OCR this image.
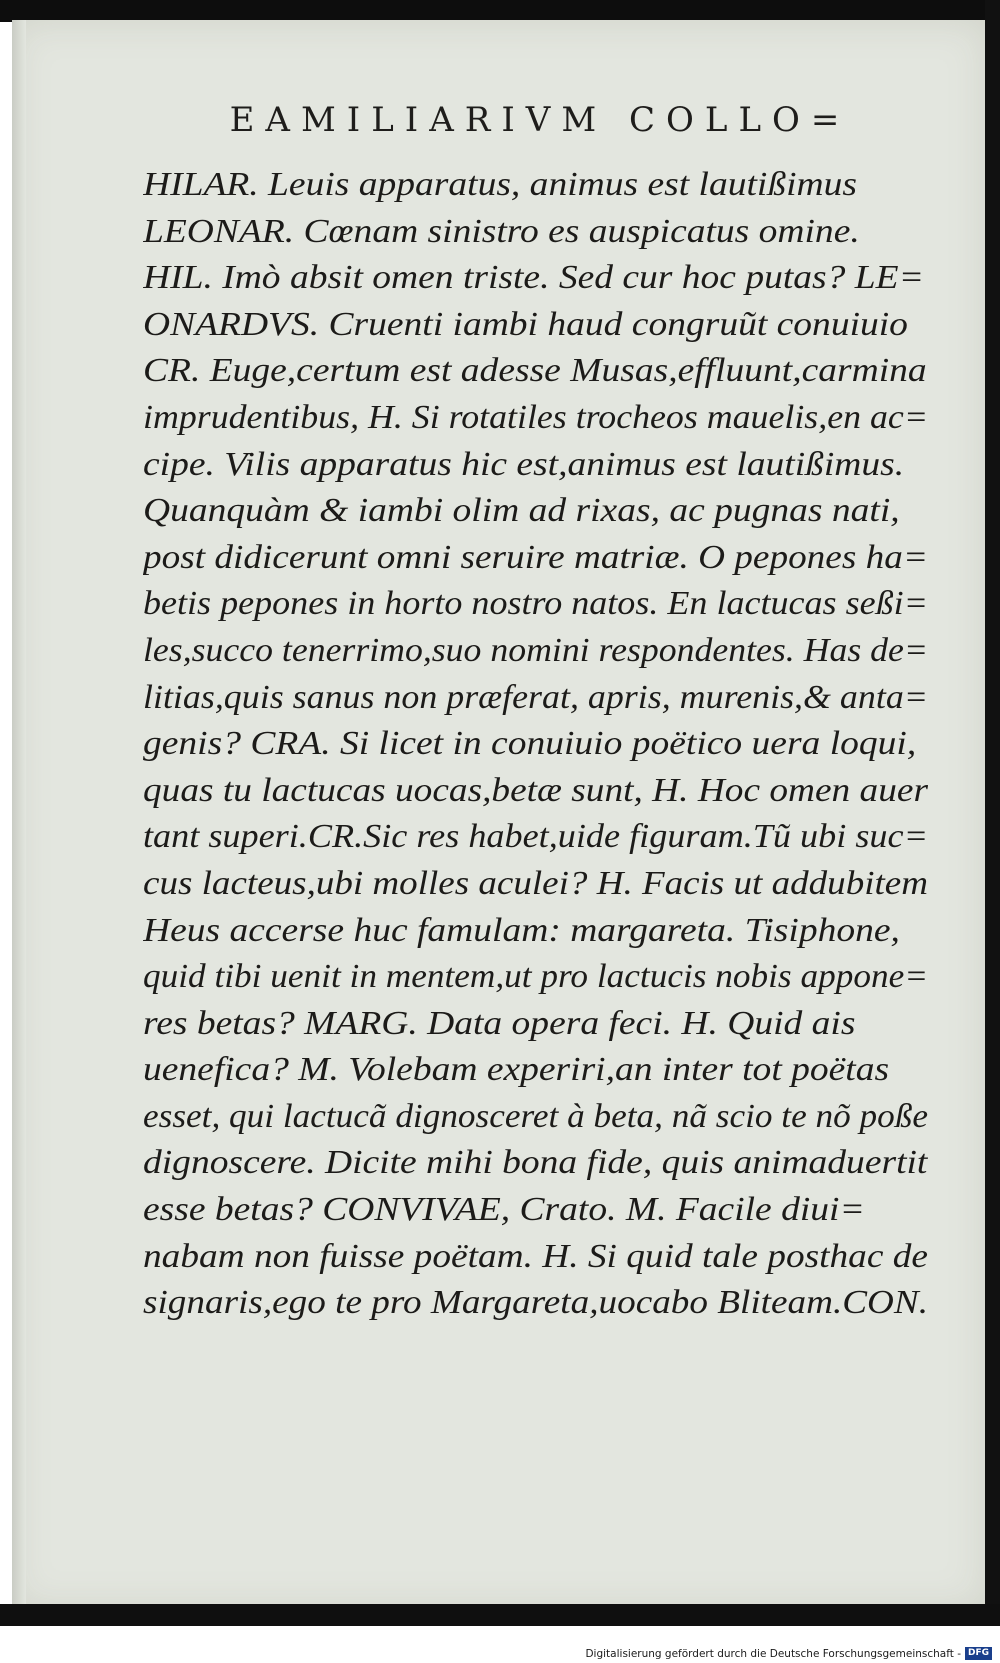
EAMILIARIVM COLLO=
HILAR. Leuis apparatus, animus est lautißimus
LEONAR. Cœnam sinistro es auspicatus omine.
HIL. Imò absit omen triste. Sed cur hoc putas? LE=
ONARDVS. Cruenti iambi haud congruũt conuiuio
CR. Euge,certum est adesse Musas,effluunt,carmina
imprudentibus, H. Si rotatiles trocheos mauelis,en ac=
cipe. Vilis apparatus hic est,animus est lautißimus.
Quanquàm & iambi olim ad rixas, ac pugnas nati,
post didicerunt omni seruire matriæ. O pepones ha=
betis pepones in horto nostro natos. En lactucas seßi=
les,succo tenerrimo,suo nomini respondentes. Has de=
litias,quis sanus non præferat, apris, murenis,& anta=
genis? CRA. Si licet in conuiuio poëtico uera loqui,
quas tu lactucas uocas,betæ sunt, H. Hoc omen auer
tant superi.CR.Sic res habet,uide figuram.Tũ ubi suc=
cus lacteus,ubi molles aculei? H. Facis ut addubitem
Heus accerse huc famulam: margareta. Tisiphone,
quid tibi uenit in mentem,ut pro lactucis nobis appone=
res betas? MARG. Data opera feci. H. Quid ais
uenefica? M. Volebam experiri,an inter tot poëtas
esset, qui lactucã dignosceret à beta, nã scio te nõ poße
dignoscere. Dicite mihi bona fide, quis animaduertit
esse betas? CONVIVAE, Crato. M. Facile diui=
nabam non fuisse poëtam. H. Si quid tale posthac de
signaris,ego te pro Margareta,uocabo Bliteam.CON.
Digitalisierung gefördert durch die Deutsche Forschungsgemeinschaft - DFG
